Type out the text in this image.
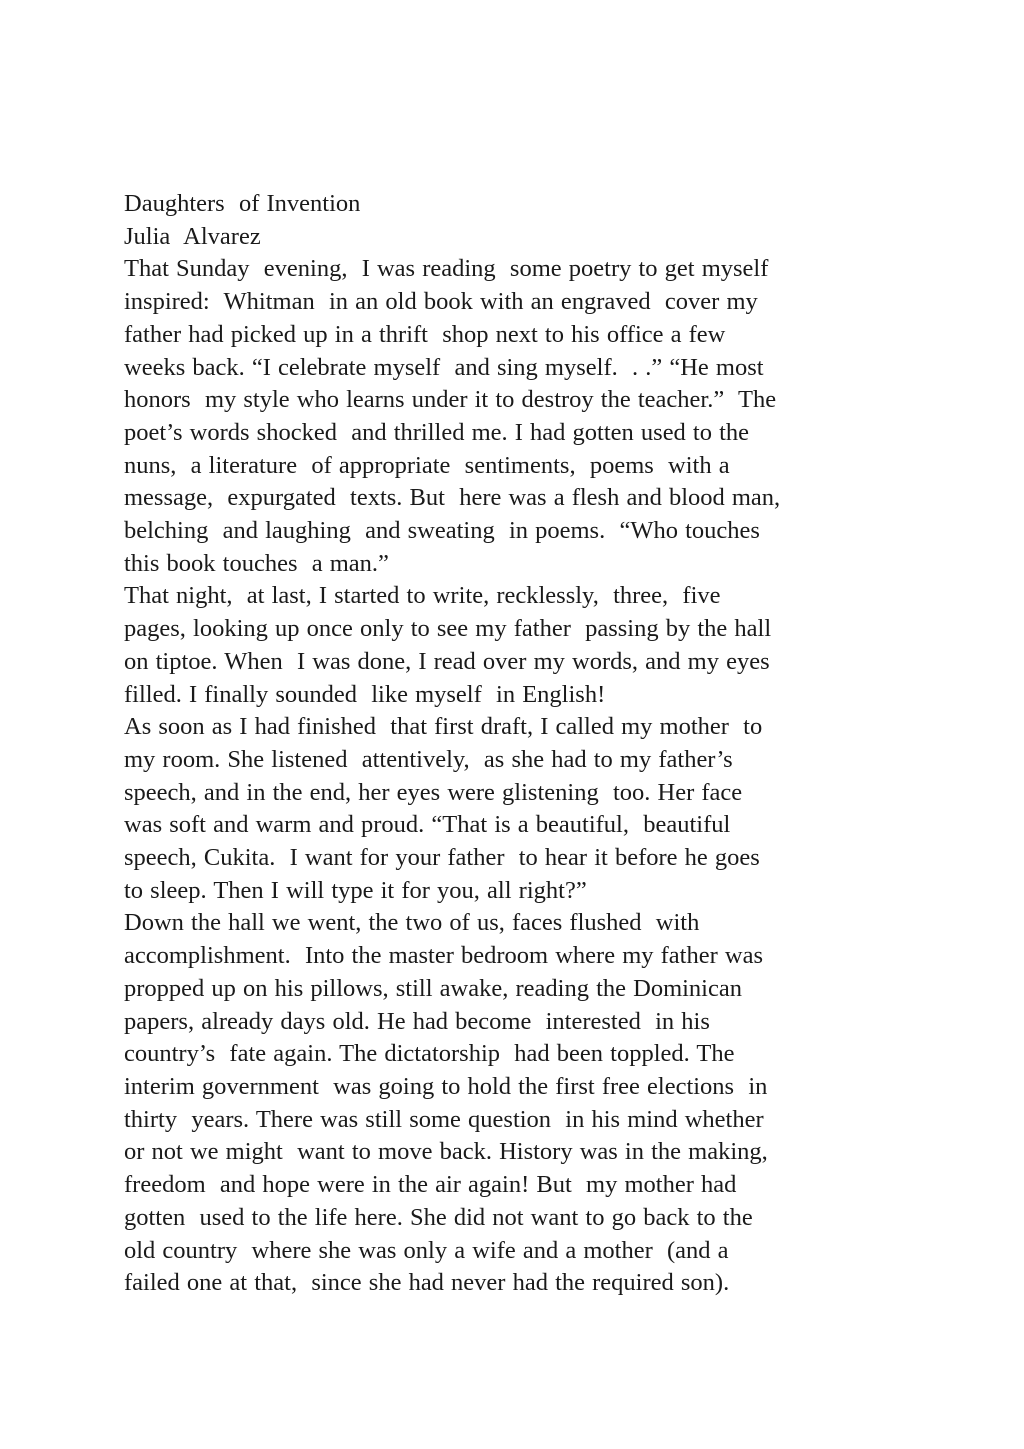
Daughters  of Invention
Julia  Alvarez
That Sunday  evening,  I was reading  some poetry to get myself
inspired:  Whitman  in an old book with an engraved  cover my
father had picked up in a thrift  shop next to his office a few
weeks back. “I celebrate myself  and sing myself.  . .” “He most
honors  my style who learns under it to destroy the teacher.”  The
poet’s words shocked  and thrilled me. I had gotten used to the
nuns,  a literature  of appropriate  sentiments,  poems  with a
message,  expurgated  texts. But  here was a flesh and blood man,
belching  and laughing  and sweating  in poems.  “Who touches
this book touches  a man.”
That night,  at last, I started to write, recklessly,  three,  five
pages, looking up once only to see my father  passing by the hall
on tiptoe. When  I was done, I read over my words, and my eyes
filled. I finally sounded  like myself  in English!
As soon as I had finished  that first draft, I called my mother  to
my room. She listened  attentively,  as she had to my father’s
speech, and in the end, her eyes were glistening  too. Her face
was soft and warm and proud. “That is a beautiful,  beautiful
speech, Cukita.  I want for your father  to hear it before he goes
to sleep. Then I will type it for you, all right?”
Down the hall we went, the two of us, faces flushed  with
accomplishment.  Into the master bedroom where my father was
propped up on his pillows, still awake, reading the Dominican
papers, already days old. He had become  interested  in his
country’s  fate again. The dictatorship  had been toppled. The
interim government  was going to hold the first free elections  in
thirty  years. There was still some question  in his mind whether
or not we might  want to move back. History was in the making,
freedom  and hope were in the air again! But  my mother had
gotten  used to the life here. She did not want to go back to the
old country  where she was only a wife and a mother  (and a
failed one at that,  since she had never had the required son).
